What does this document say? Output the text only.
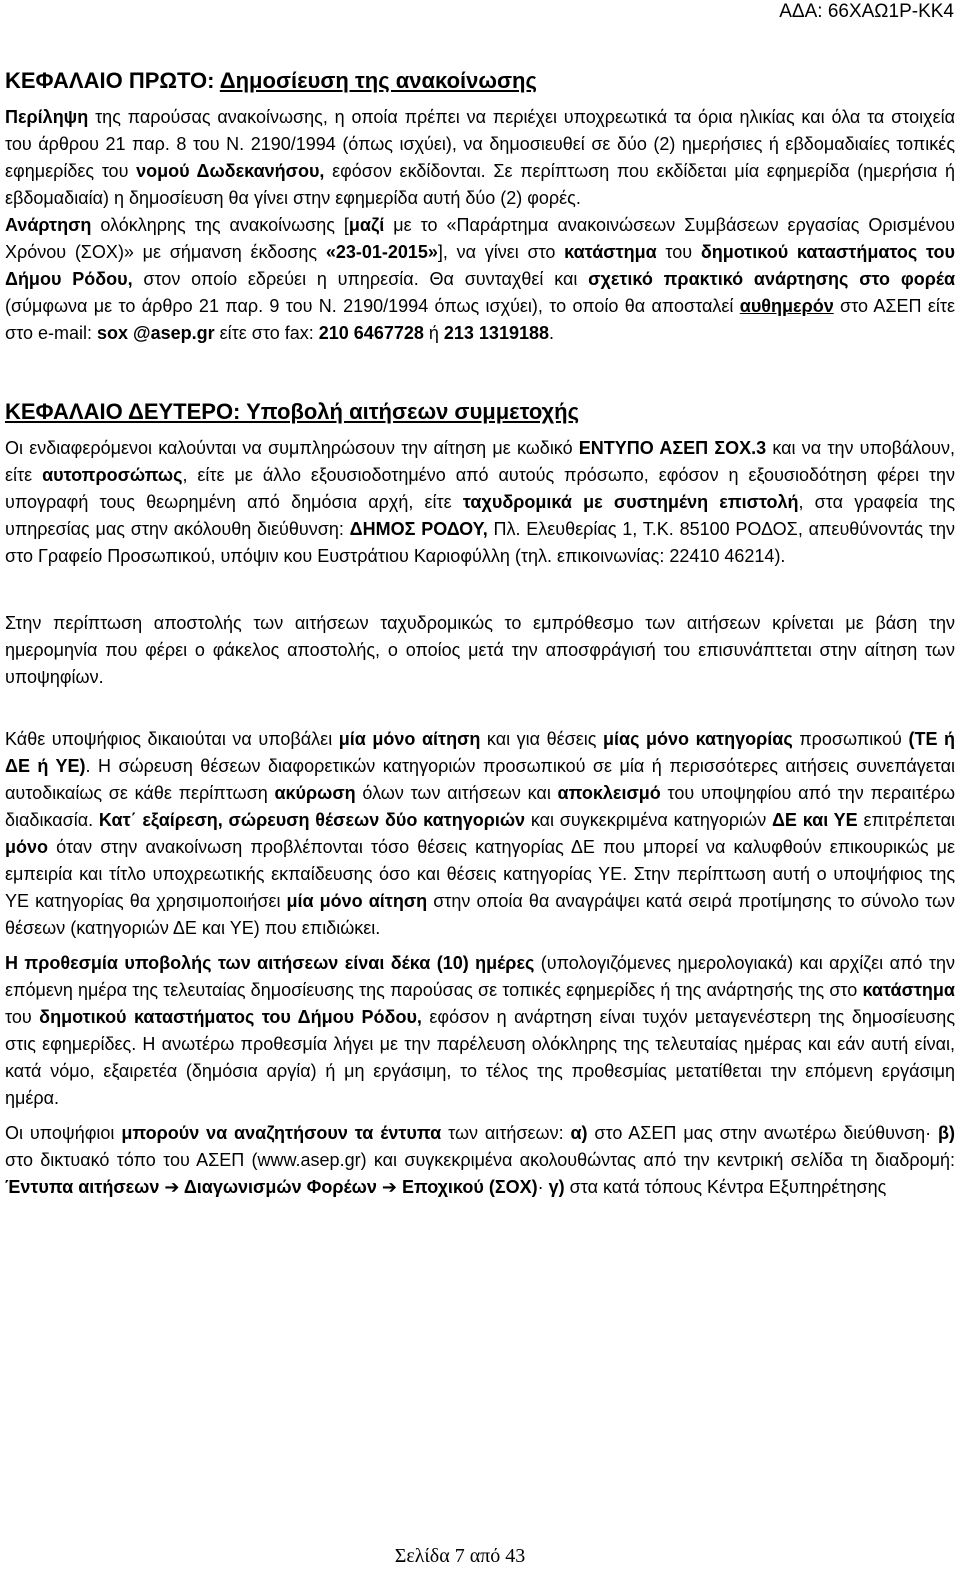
ΑΔΑ: 66ΧΑΩ1Ρ-ΚΚ4
ΚΕΦΑΛΑΙΟ ΠΡΩΤΟ: Δημοσίευση της ανακοίνωσης

Περίληψη της παρούσας ανακοίνωσης, η οποία πρέπει να περιέχει υποχρεωτικά τα όρια ηλικίας και όλα τα στοιχεία του άρθρου 21 παρ. 8 του Ν. 2190/1994 (όπως ισχύει), να δημοσιευθεί σε δύο (2) ημερήσιες ή εβδομαδιαίες τοπικές εφημερίδες του νομού Δωδεκανήσου, εφόσον εκδίδονται. Σε περίπτωση που εκδίδεται μία εφημερίδα (ημερήσια ή εβδομαδιαία) η δημοσίευση θα γίνει στην εφημερίδα αυτή δύο (2) φορές.

Ανάρτηση ολόκληρης της ανακοίνωσης [μαζί με το «Παράρτημα ανακοινώσεων Συμβάσεων εργασίας Ορισμένου Χρόνου (ΣΟΧ)» με σήμανση έκδοσης «23-01-2015»], να γίνει στο κατάστημα του δημοτικού καταστήματος του Δήμου Ρόδου, στον οποίο εδρεύει η υπηρεσία. Θα συνταχθεί και σχετικό πρακτικό ανάρτησης στο φορέα (σύμφωνα με το άρθρο 21 παρ. 9 του Ν. 2190/1994 όπως ισχύει), το οποίο θα αποσταλεί αυθημερόν στο ΑΣΕΠ είτε στο e-mail: sox @asep.gr είτε στο fax: 210 6467728 ή 213 1319188.

ΚΕΦΑΛΑΙΟ ΔΕΥΤΕΡΟ: Υποβολή αιτήσεων συμμετοχής

Οι ενδιαφερόμενοι καλούνται να συμπληρώσουν την αίτηση με κωδικό ΕΝΤΥΠΟ ΑΣΕΠ ΣΟΧ.3 και να την υποβάλουν, είτε αυτοπροσώπως, είτε με άλλο εξουσιοδοτημένο από αυτούς πρόσωπο, εφόσον η εξουσιοδότηση φέρει την υπογραφή τους θεωρημένη από δημόσια αρχή, είτε ταχυδρομικά με συστημένη επιστολή, στα γραφεία της υπηρεσίας μας στην ακόλουθη διεύθυνση: ΔΗΜΟΣ ΡΟΔΟΥ, Πλ. Ελευθερίας 1, Τ.Κ. 85100 ΡΟΔΟΣ, απευθύνοντάς την στο Γραφείο Προσωπικού, υπόψιν κου Ευστράτιου Καριοφύλλη (τηλ. επικοινωνίας: 22410 46214).

Στην περίπτωση αποστολής των αιτήσεων ταχυδρομικώς το εμπρόθεσμο των αιτήσεων κρίνεται με βάση την ημερομηνία που φέρει ο φάκελος αποστολής, ο οποίος μετά την αποσφράγισή του επισυνάπτεται στην αίτηση των υποψηφίων.

Κάθε υποψήφιος δικαιούται να υποβάλει μία μόνο αίτηση και για θέσεις μίας μόνο κατηγορίας προσωπικού (ΤΕ ή ΔΕ ή ΥΕ). Η σώρευση θέσεων διαφορετικών κατηγοριών προσωπικού σε μία ή περισσότερες αιτήσεις συνεπάγεται αυτοδικαίως σε κάθε περίπτωση ακύρωση όλων των αιτήσεων και αποκλεισμό του υποψηφίου από την περαιτέρω διαδικασία. Κατ΄ εξαίρεση, σώρευση θέσεων δύο κατηγοριών και συγκεκριμένα κατηγοριών ΔΕ και ΥΕ επιτρέπεται μόνο όταν στην ανακοίνωση προβλέπονται τόσο θέσεις κατηγορίας ΔΕ που μπορεί να καλυφθούν επικουρικώς με εμπειρία και τίτλο υποχρεωτικής εκπαίδευσης όσο και θέσεις κατηγορίας ΥΕ. Στην περίπτωση αυτή ο υποψήφιος της ΥΕ κατηγορίας θα χρησιμοποιήσει μία μόνο αίτηση στην οποία θα αναγράψει κατά σειρά προτίμησης το σύνολο των θέσεων (κατηγοριών ΔΕ και ΥΕ) που επιδιώκει.

Η προθεσμία υποβολής των αιτήσεων είναι δέκα (10) ημέρες (υπολογιζόμενες ημερολογιακά) και αρχίζει από την επόμενη ημέρα της τελευταίας δημοσίευσης της παρούσας σε τοπικές εφημερίδες ή της ανάρτησής της στο κατάστημα του δημοτικού καταστήματος του Δήμου Ρόδου, εφόσον η ανάρτηση είναι τυχόν μεταγενέστερη της δημοσίευσης στις εφημερίδες. Η ανωτέρω προθεσμία λήγει με την παρέλευση ολόκληρης της τελευταίας ημέρας και εάν αυτή είναι, κατά νόμο, εξαιρετέα (δημόσια αργία) ή μη εργάσιμη, το τέλος της προθεσμίας μετατίθεται την επόμενη εργάσιμη ημέρα.

Οι υποψήφιοι μπορούν να αναζητήσουν τα έντυπα των αιτήσεων: α) στο ΑΣΕΠ μας στην ανωτέρω διεύθυνση· β) στο δικτυακό τόπο του ΑΣΕΠ (www.asep.gr) και συγκεκριμένα ακολουθώντας από την κεντρική σελίδα τη διαδρομή: Έντυπα αιτήσεων ➔ Διαγωνισμών Φορέων ➔ Εποχικού (ΣΟΧ)· γ) στα κατά τόπους Κέντρα Εξυπηρέτησης

Σελίδα 7 από 43
